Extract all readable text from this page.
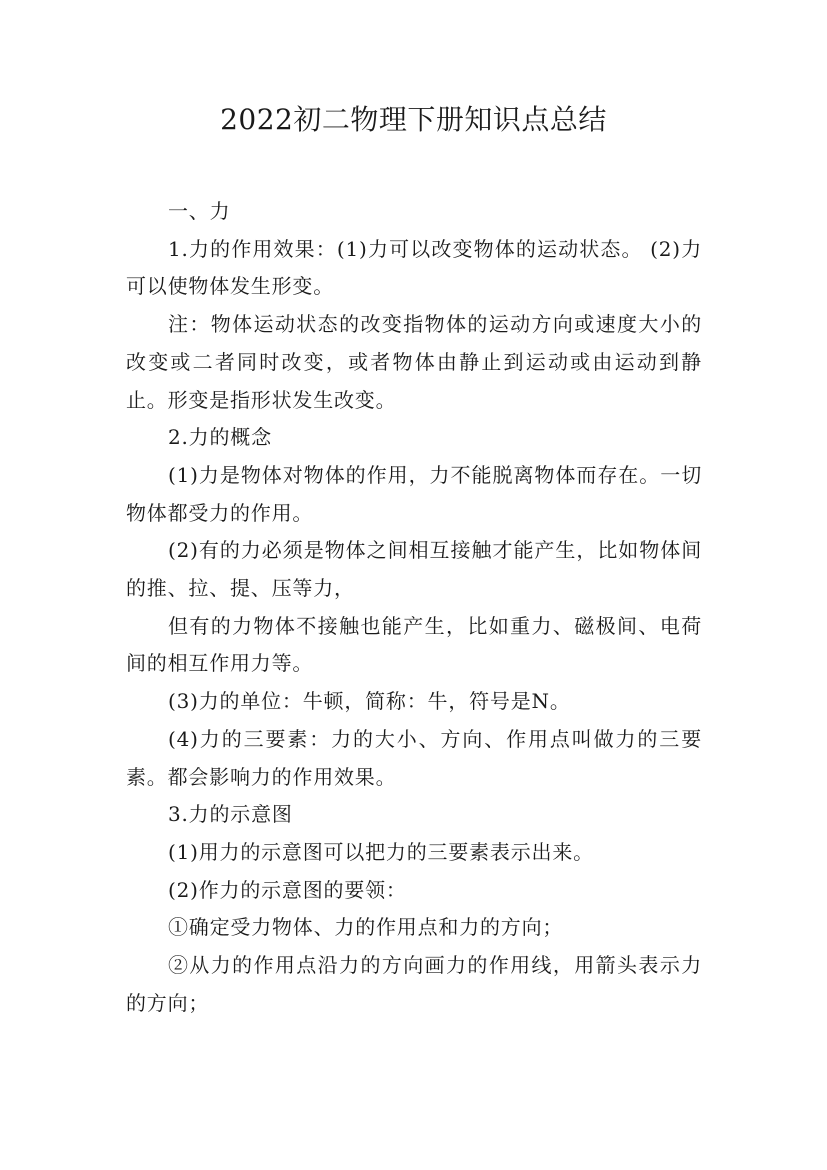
2022初二物理下册知识点总结

一、力

1.力的作用效果：(1)力可以改变物体的运动状态。 (2)力可以使物体发生形变。

注：物体运动状态的改变指物体的运动方向或速度大小的改变或二者同时改变，或者物体由静止到运动或由运动到静止。形变是指形状发生改变。

2.力的概念

(1)力是物体对物体的作用，力不能脱离物体而存在。一切物体都受力的作用。

(2)有的力必须是物体之间相互接触才能产生，比如物体间的推、拉、提、压等力，

但有的力物体不接触也能产生，比如重力、磁极间、电荷间的相互作用力等。

(3)力的单位：牛顿，简称：牛，符号是N。

(4)力的三要素：力的大小、方向、作用点叫做力的三要素。都会影响力的作用效果。

3.力的示意图

(1)用力的示意图可以把力的三要素表示出来。

(2)作力的示意图的要领：

①确定受力物体、力的作用点和力的方向；

②从力的作用点沿力的方向画力的作用线，用箭头表示力的方向；
